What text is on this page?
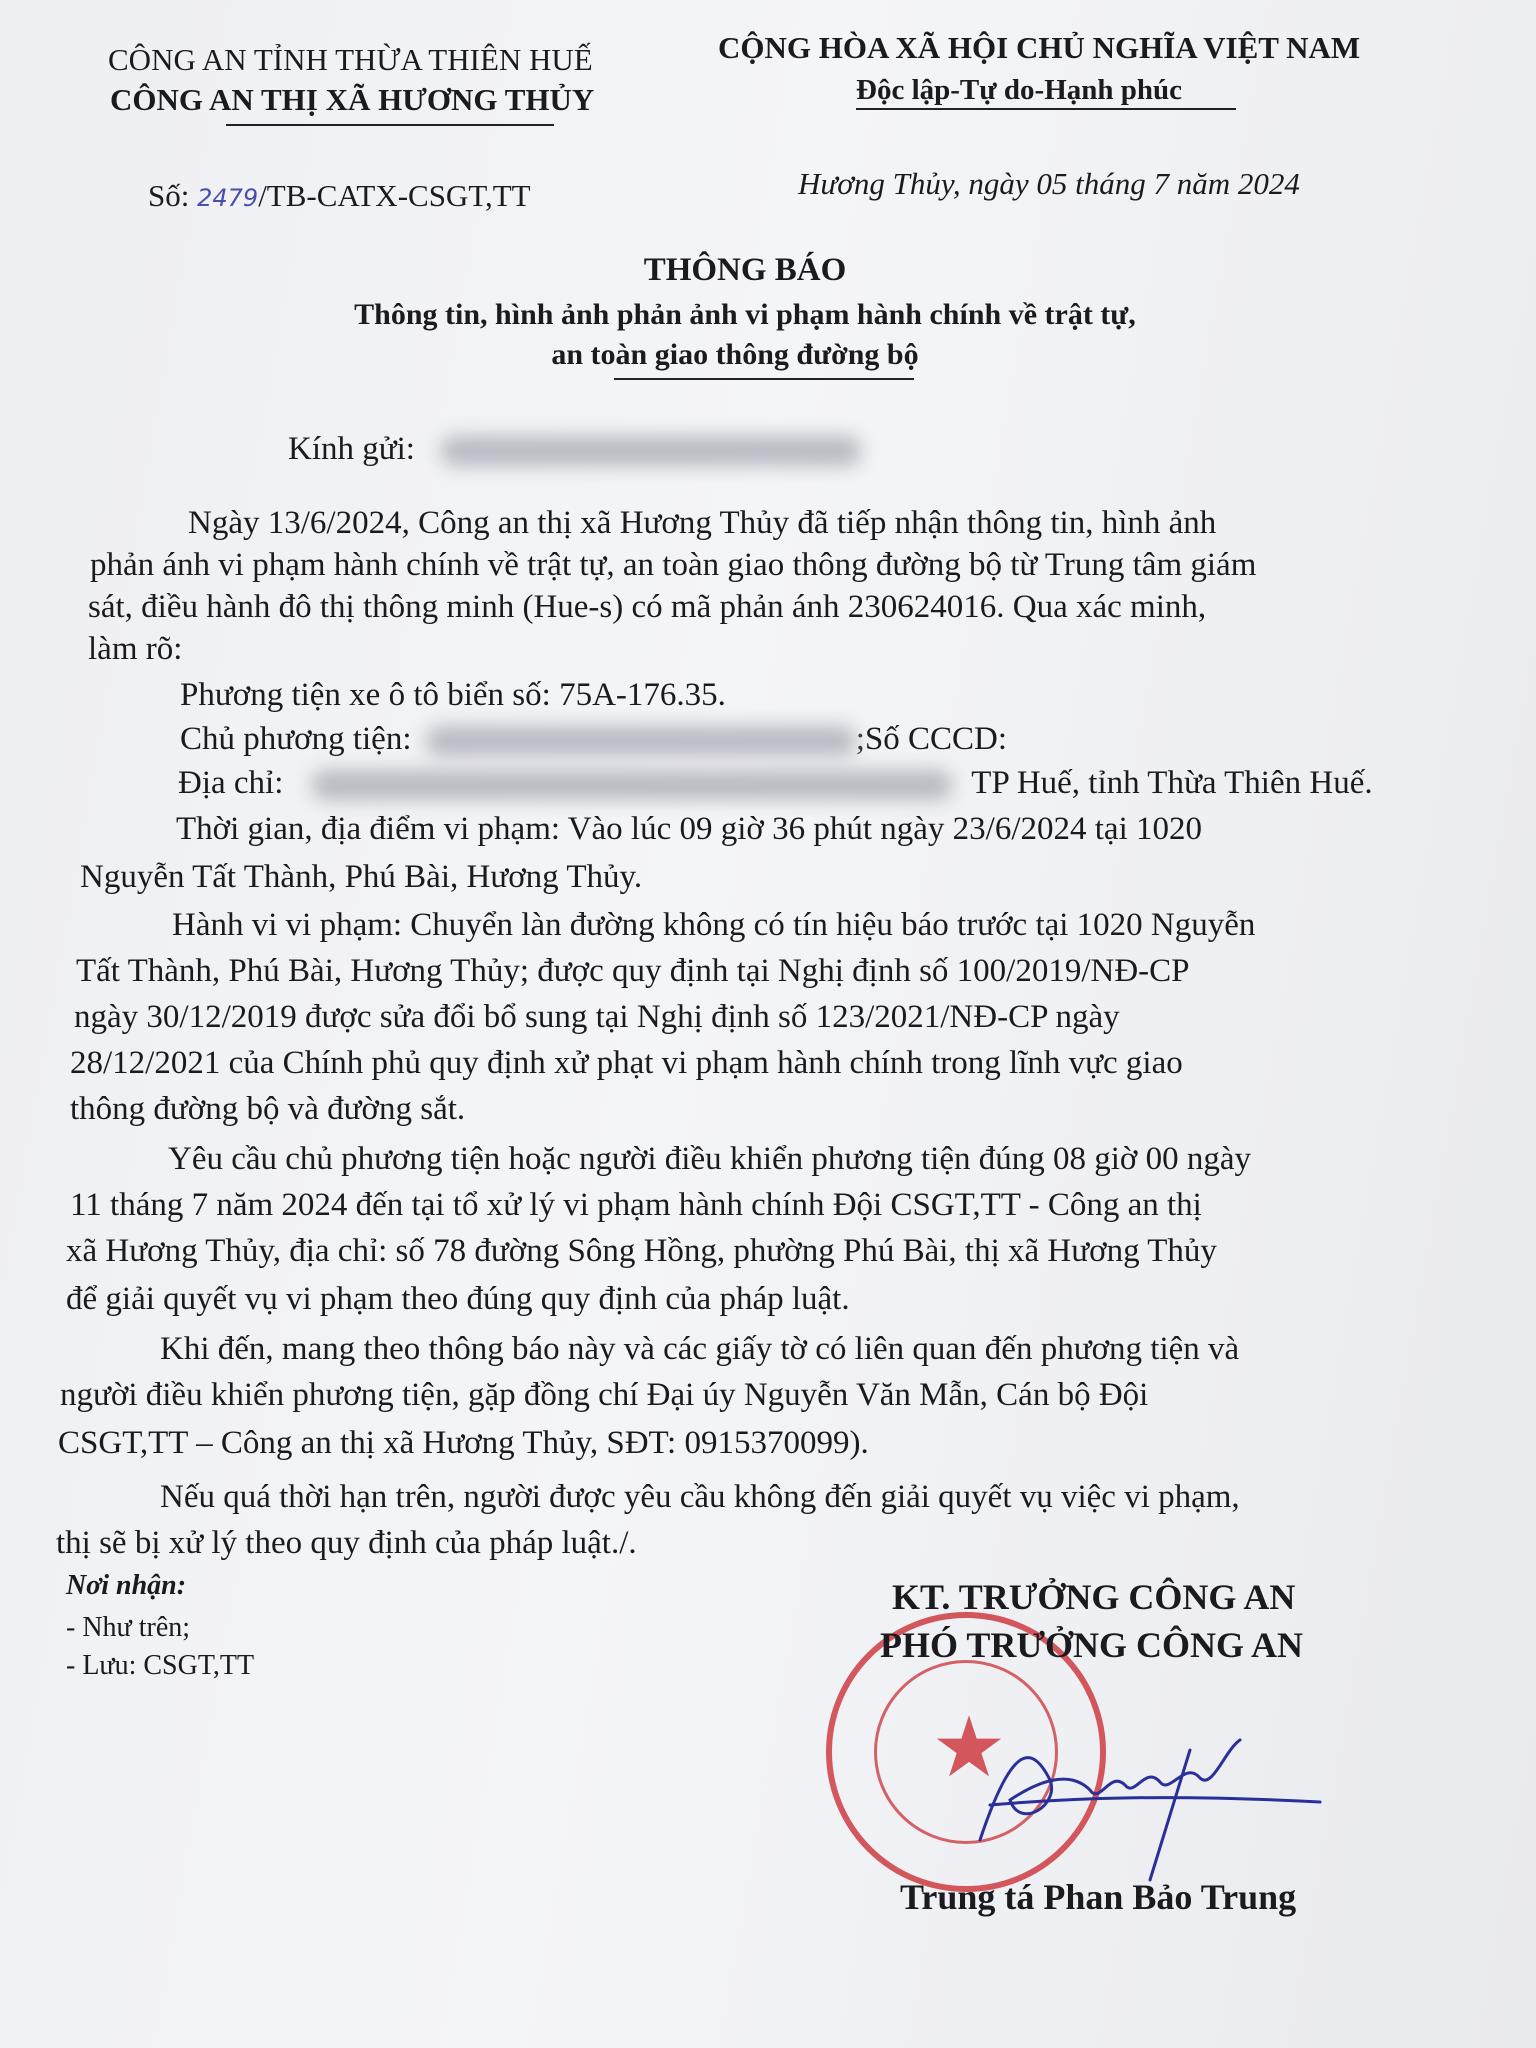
CÔNG AN TỈNH THỪA THIÊN HUẾ
CÔNG AN THỊ XÃ HƯƠNG THỦY
CỘNG HÒA XÃ HỘI CHỦ NGHĨA VIỆT NAM
Độc lập-Tự do-Hạnh phúc
Số: 2479/TB-CATX-CSGT,TT	Hương Thủy, ngày 05 tháng 7 năm 2024
THÔNG BÁO
Thông tin, hình ảnh phản ảnh vi phạm hành chính về trật tự,
an toàn giao thông đường bộ
Kính gửi:
Ngày 13/6/2024, Công an thị xã Hương Thủy đã tiếp nhận thông tin, hình ảnh
phản ánh vi phạm hành chính về trật tự, an toàn giao thông đường bộ từ Trung tâm giám
sát, điều hành đô thị thông minh (Hue-s) có mã phản ánh 230624016. Qua xác minh,
làm rõ:
Phương tiện xe ô tô biển số: 75A-176.35.
Chủ phương tiện:	;Số CCCD:
Địa chỉ:	TP Huế, tỉnh Thừa Thiên Huế.
Thời gian, địa điểm vi phạm: Vào lúc 09 giờ 36 phút ngày 23/6/2024 tại 1020
Nguyễn Tất Thành, Phú Bài, Hương Thủy.
Hành vi vi phạm: Chuyển làn đường không có tín hiệu báo trước tại 1020 Nguyễn
Tất Thành, Phú Bài, Hương Thủy; được quy định tại Nghị định số 100/2019/NĐ-CP
ngày 30/12/2019 được sửa đổi bổ sung tại Nghị định số 123/2021/NĐ-CP ngày
28/12/2021 của Chính phủ quy định xử phạt vi phạm hành chính trong lĩnh vực giao
thông đường bộ và đường sắt.
Yêu cầu chủ phương tiện hoặc người điều khiển phương tiện đúng 08 giờ 00 ngày
11 tháng 7 năm 2024 đến tại tổ xử lý vi phạm hành chính Đội CSGT,TT - Công an thị
xã Hương Thủy, địa chỉ: số 78 đường Sông Hồng, phường Phú Bài, thị xã Hương Thủy
để giải quyết vụ vi phạm theo đúng quy định của pháp luật.
Khi đến, mang theo thông báo này và các giấy tờ có liên quan đến phương tiện và
người điều khiển phương tiện, gặp đồng chí Đại úy Nguyễn Văn Mẫn, Cán bộ Đội
CSGT,TT – Công an thị xã Hương Thủy, SĐT: 0915370099).
Nếu quá thời hạn trên, người được yêu cầu không đến giải quyết vụ việc vi phạm,
thị sẽ bị xử lý theo quy định của pháp luật./.
Nơi nhận:
- Như trên;
- Lưu: CSGT,TT
★
KT. TRƯỞNG CÔNG AN
PHÓ TRƯỞNG CÔNG AN
Trung tá Phan Bảo Trung
